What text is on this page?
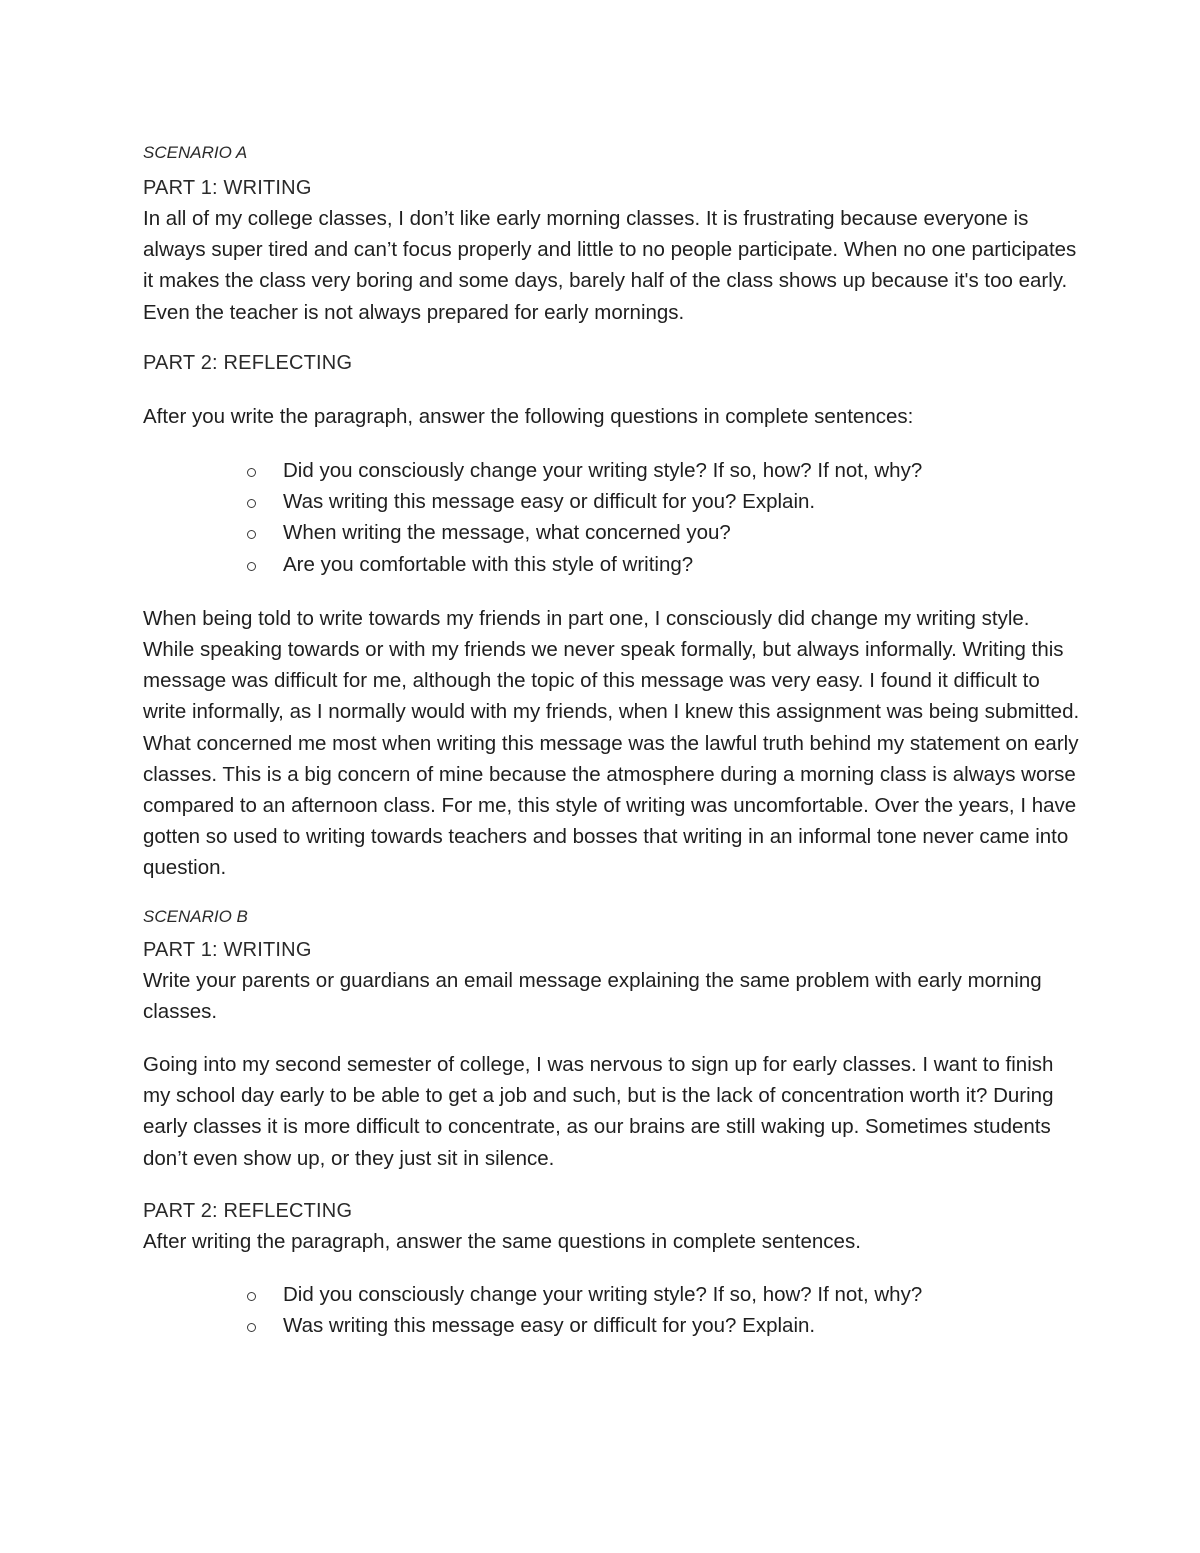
SCENARIO A

PART 1: WRITING

In all of my college classes, I don’t like early morning classes. It is frustrating because everyone is always super tired and can’t focus properly and little to no people participate. When no one participates it makes the class very boring and some days, barely half of the class shows up because it's too early. Even the teacher is not always prepared for early mornings.

PART 2: REFLECTING

After you write the paragraph, answer the following questions in complete sentences:

Did you consciously change your writing style? If so, how? If not, why?
Was writing this message easy or difficult for you? Explain.
When writing the message, what concerned you?
Are you comfortable with this style of writing?

When being told to write towards my friends in part one, I consciously did change my writing style. While speaking towards or with my friends we never speak formally, but always informally. Writing this message was difficult for me, although the topic of this message was very easy. I found it difficult to write informally, as I normally would with my friends, when I knew this assignment was being submitted. What concerned me most when writing this message was the lawful truth behind my statement on early classes. This is a big concern of mine because the atmosphere during a morning class is always worse compared to an afternoon class. For me, this style of writing was uncomfortable. Over the years, I have gotten so used to writing towards teachers and bosses that writing in an informal tone never came into question.

SCENARIO B

PART 1: WRITING

Write your parents or guardians an email message explaining the same problem with early morning classes.

Going into my second semester of college, I was nervous to sign up for early classes. I want to finish my school day early to be able to get a job and such, but is the lack of concentration worth it? During early classes it is more difficult to concentrate, as our brains are still waking up. Sometimes students don’t even show up, or they just sit in silence.

PART 2: REFLECTING

After writing the paragraph, answer the same questions in complete sentences.

Did you consciously change your writing style? If so, how? If not, why?
Was writing this message easy or difficult for you? Explain.
